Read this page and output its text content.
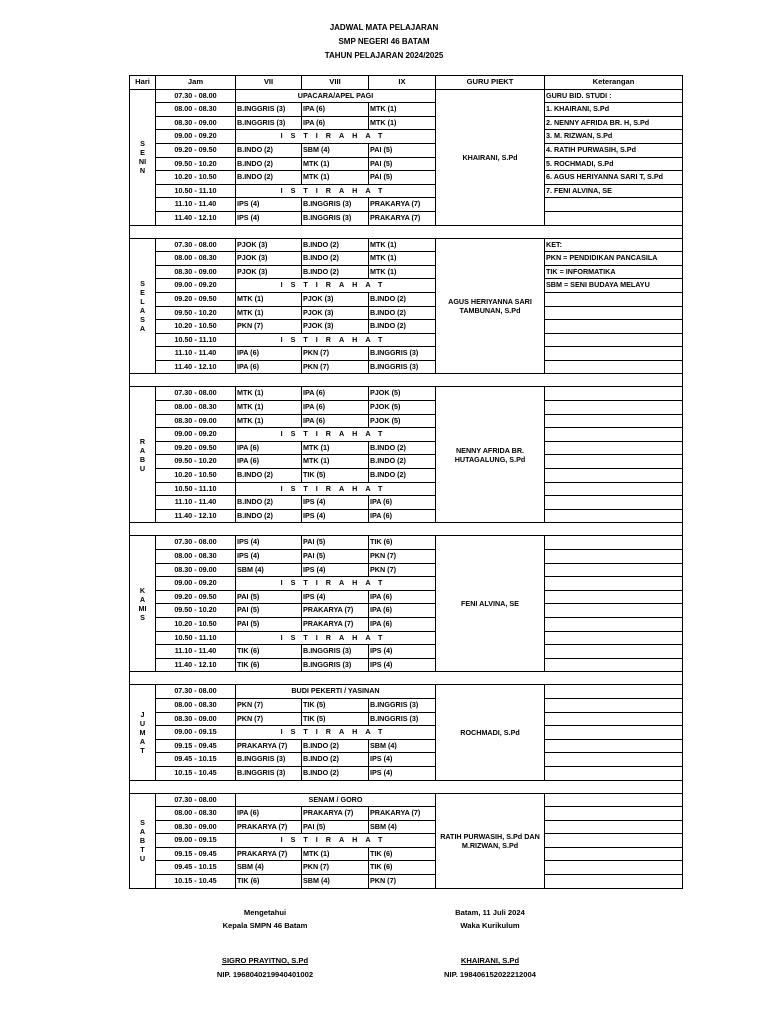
JADWAL MATA PELAJARAN
SMP NEGERI 46 BATAM
TAHUN PELAJARAN 2024/2025
Hari	Jam	VII	VIII	IX	GURU PIEKT	Keterangan

SENIN	07.30 - 08.00	UPACARA/APEL PAGI			KHAIRANI, S.Pd	GURU BID. STUDI :
	08.00 - 08.30	B.INGGRIS (3)	IPA (6)	MTK (1)		1. KHAIRANI, S.Pd
	08.30 - 09.00	B.INGGRIS (3)	IPA (6)	MTK (1)		2. NENNY AFRIDA BR. H, S.Pd
	09.00 - 09.20	ISTIRAHAT				3. M. RIZWAN, S.Pd
	09.20 - 09.50	B.INDO (2)	SBM (4)	PAI (5)		4. RATIH PURWASIH, S.Pd
	09.50 - 10.20	B.INDO (2)	MTK (1)	PAI (5)		5. ROCHMADI, S.Pd
	10.20 - 10.50	B.INDO (2)	MTK (1)	PAI (5)		6. AGUS HERIYANNA SARI T, S.Pd
	10.50 - 11.10	ISTIRAHAT				7. FENI ALVINA, SE
	11.10 - 11.40	IPS (4)	B.INGGRIS (3)	PRAKARYA (7)		
	11.40 - 12.10	IPS (4)	B.INGGRIS (3)	PRAKARYA (7)		

SELASA	07.30 - 08.00	PJOK (3)	B.INDO (2)	MTK (1)	AGUS HERIYANNA SARI TAMBUNAN, S.Pd	KET:
	08.00 - 08.30	PJOK (3)	B.INDO (2)	MTK (1)		PKN = PENDIDIKAN PANCASILA
	08.30 - 09.00	PJOK (3)	B.INDO (2)	MTK (1)		TIK = INFORMATIKA
	09.00 - 09.20	ISTIRAHAT				SBM = SENI BUDAYA MELAYU
	09.20 - 09.50	MTK (1)	PJOK (3)	B.INDO (2)		
	09.50 - 10.20	MTK (1)	PJOK (3)	B.INDO (2)		
	10.20 - 10.50	PKN (7)	PJOK (3)	B.INDO (2)		
	10.50 - 11.10	ISTIRAHAT				
	11.10 - 11.40	IPA (6)	PKN (7)	B.INGGRIS (3)		
	11.40 - 12.10	IPA (6)	PKN (7)	B.INGGRIS (3)		

RABU	07.30 - 08.00	MTK (1)	IPA (6)	PJOK (5)	NENNY AFRIDA BR. HUTAGALUNG, S.Pd	
	08.00 - 08.30	MTK (1)	IPA (6)	PJOK (5)		
	08.30 - 09.00	MTK (1)	IPA (6)	PJOK (5)		
	09.00 - 09.20	ISTIRAHAT				
	09.20 - 09.50	IPA (6)	MTK (1)	B.INDO (2)		
	09.50 - 10.20	IPA (6)	MTK (1)	B.INDO (2)		
	10.20 - 10.50	B.INDO (2)	TIK (5)	B.INDO (2)		
	10.50 - 11.10	ISTIRAHAT				
	11.10 - 11.40	B.INDO (2)	IPS (4)	IPA (6)		
	11.40 - 12.10	B.INDO (2)	IPS (4)	IPA (6)		

KAMIS	07.30 - 08.00	IPS (4)	PAI (5)	TIK (6)	FENI ALVINA, SE	
	08.00 - 08.30	IPS (4)	PAI (5)	PKN (7)		
	08.30 - 09.00	SBM (4)	IPS (4)	PKN (7)		
	09.00 - 09.20	ISTIRAHAT				
	09.20 - 09.50	PAI (5)	IPS (4)	IPA (6)		
	09.50 - 10.20	PAI (5)	PRAKARYA (7)	IPA (6)		
	10.20 - 10.50	PAI (5)	PRAKARYA (7)	IPA (6)		
	10.50 - 11.10	ISTIRAHAT				
	11.10 - 11.40	TIK (6)	B.INGGRIS (3)	IPS (4)		
	11.40 - 12.10	TIK (6)	B.INGGRIS (3)	IPS (4)		

JUMAT	07.30 - 08.00	BUDI PEKERTI / YASINAN			ROCHMADI, S.Pd	
	08.00 - 08.30	PKN (7)	TIK (5)	B.INGGRIS (3)		
	08.30 - 09.00	PKN (7)	TIK (5)	B.INGGRIS (3)		
	09.00 - 09.15	ISTIRAHAT				
	09.15 - 09.45	PRAKARYA (7)	B.INDO (2)	SBM (4)		
	09.45 - 10.15	B.INGGRIS (3)	B.INDO (2)	IPS (4)		
	10.15 - 10.45	B.INGGRIS (3)	B.INDO (2)	IPS (4)		

SABTU	07.30 - 08.00	SENAM / GORO			RATIH PURWASIH, S.Pd DAN M.RIZWAN, S.Pd	
	08.00 - 08.30	IPA (6)	PRAKARYA (7)	PRAKARYA (7)		
	08.30 - 09.00	PRAKARYA (7)	PAI (5)	SBM (4)		
	09.00 - 09.15	ISTIRAHAT				
	09.15 - 09.45	PRAKARYA (7)	MTK (1)	TIK (6)		
	09.45 - 10.15	SBM (4)	PKN (7)	TIK (6)		
	10.15 - 10.45	TIK (6)	SBM (4)	PKN (7)		
Mengetahui
Kepala SMPN 46 Batam
SIGRO PRAYITNO, S.Pd
NIP. 196804021994040​1002
Batam, 11 Juli 2024
Waka Kurikulum
KHAIRANI, S.Pd
NIP. 198406152022212004
